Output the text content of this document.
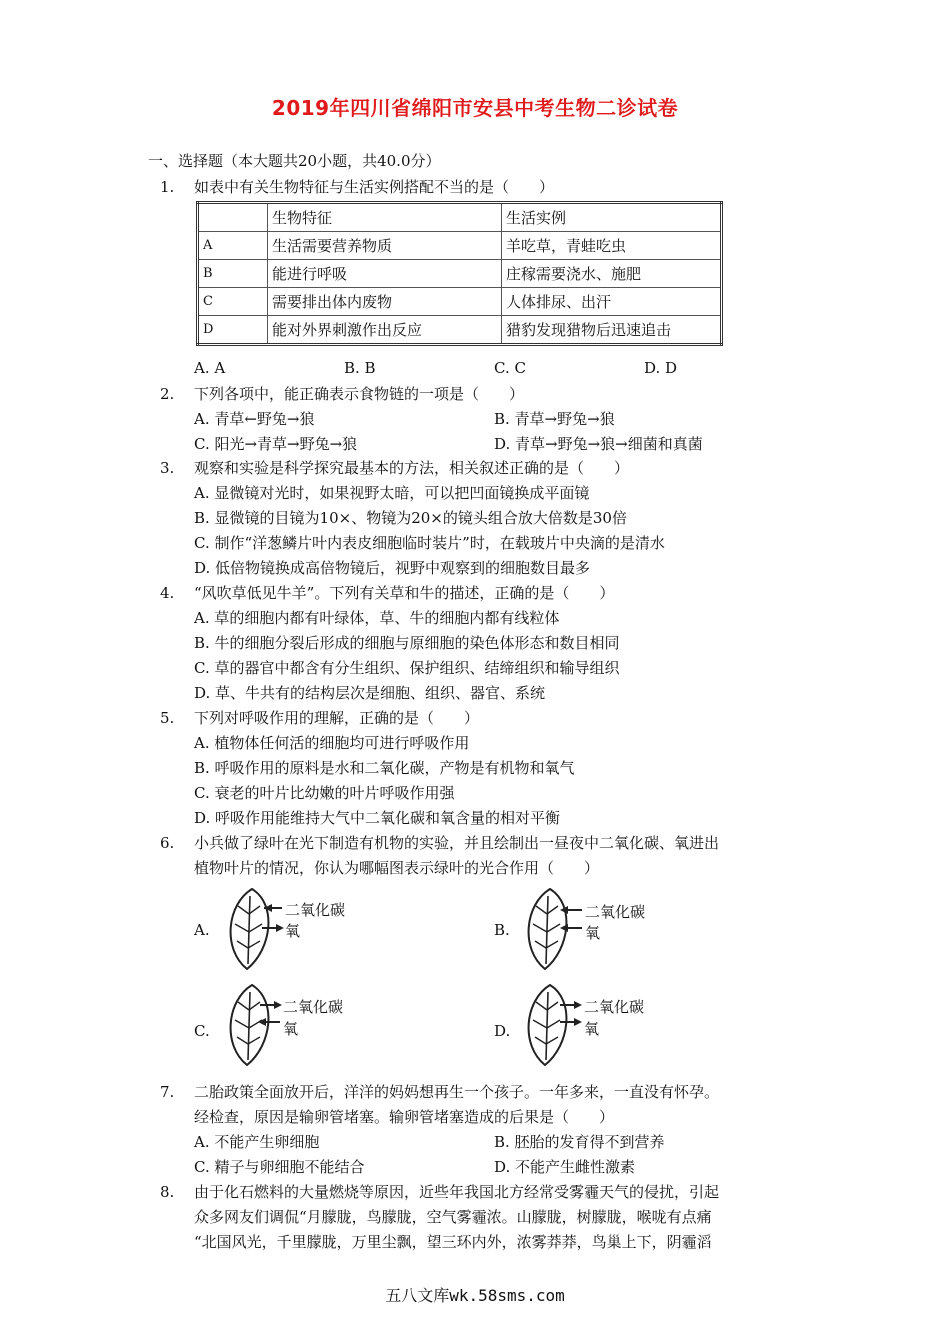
2019年四川省绵阳市安县中考生物二诊试卷
一、选择题（本大题共20小题，共40.0分）
1. 如表中有关生物特征与生活实例搭配不当的是（　　）
	生物特征	生活实例
A	生活需要营养物质	羊吃草，青蛙吃虫
B	能进行呼吸	庄稼需要浇水、施肥
C	需要排出体内废物	人体排尿、出汗
D	能对外界刺激作出反应	猎豹发现猎物后迅速追击
A. A	B. B	C. C	D. D
2. 下列各项中，能正确表示食物链的一项是（　　）
A. 青草←野兔→狼	B. 青草→野兔→狼
C. 阳光→青草→野兔→狼	D. 青草→野兔→狼→细菌和真菌
3. 观察和实验是科学探究最基本的方法，相关叙述正确的是（　　）
A. 显微镜对光时，如果视野太暗，可以把凹面镜换成平面镜
B. 显微镜的目镜为10×、物镜为20×的镜头组合放大倍数是30倍
C. 制作“洋葱鳞片叶内表皮细胞临时装片”时，在载玻片中央滴的是清水
D. 低倍物镜换成高倍物镜后，视野中观察到的细胞数目最多
4. “风吹草低见牛羊”。下列有关草和牛的描述，正确的是（　　）
A. 草的细胞内都有叶绿体，草、牛的细胞内都有线粒体
B. 牛的细胞分裂后形成的细胞与原细胞的染色体形态和数目相同
C. 草的器官中都含有分生组织、保护组织、结缔组织和输导组织
D. 草、牛共有的结构层次是细胞、组织、器官、系统
5. 下列对呼吸作用的理解，正确的是（　　）
A. 植物体任何活的细胞均可进行呼吸作用
B. 呼吸作用的原料是水和二氧化碳，产物是有机物和氧气
C. 衰老的叶片比幼嫩的叶片呼吸作用强
D. 呼吸作用能维持大气中二氧化碳和氧含量的相对平衡
6. 小兵做了绿叶在光下制造有机物的实验，并且绘制出一昼夜中二氧化碳、氧进出
植物叶片的情况，你认为哪幅图表示绿叶的光合作用（　　）
A.
二氧化碳
氧	B.
二氧化碳
氧
C.
二氧化碳
氧	D.
二氧化碳
氧
7. 二胎政策全面放开后，洋洋的妈妈想再生一个孩子。一年多来，一直没有怀孕。
经检查，原因是输卵管堵塞。输卵管堵塞造成的后果是（　　）
A. 不能产生卵细胞	B. 胚胎的发育得不到营养
C. 精子与卵细胞不能结合	D. 不能产生雌性激素
8. 由于化石燃料的大量燃烧等原因，近些年我国北方经常受雾霾天气的侵扰，引起
众多网友们调侃“月朦胧，鸟朦胧，空气雾霾浓。山朦胧，树朦胧，喉咙有点痛
“北国风光，千里朦胧，万里尘飘，望三环内外，浓雾莽莽，鸟巢上下，阴霾滔
五八文库wk.58sms.com
